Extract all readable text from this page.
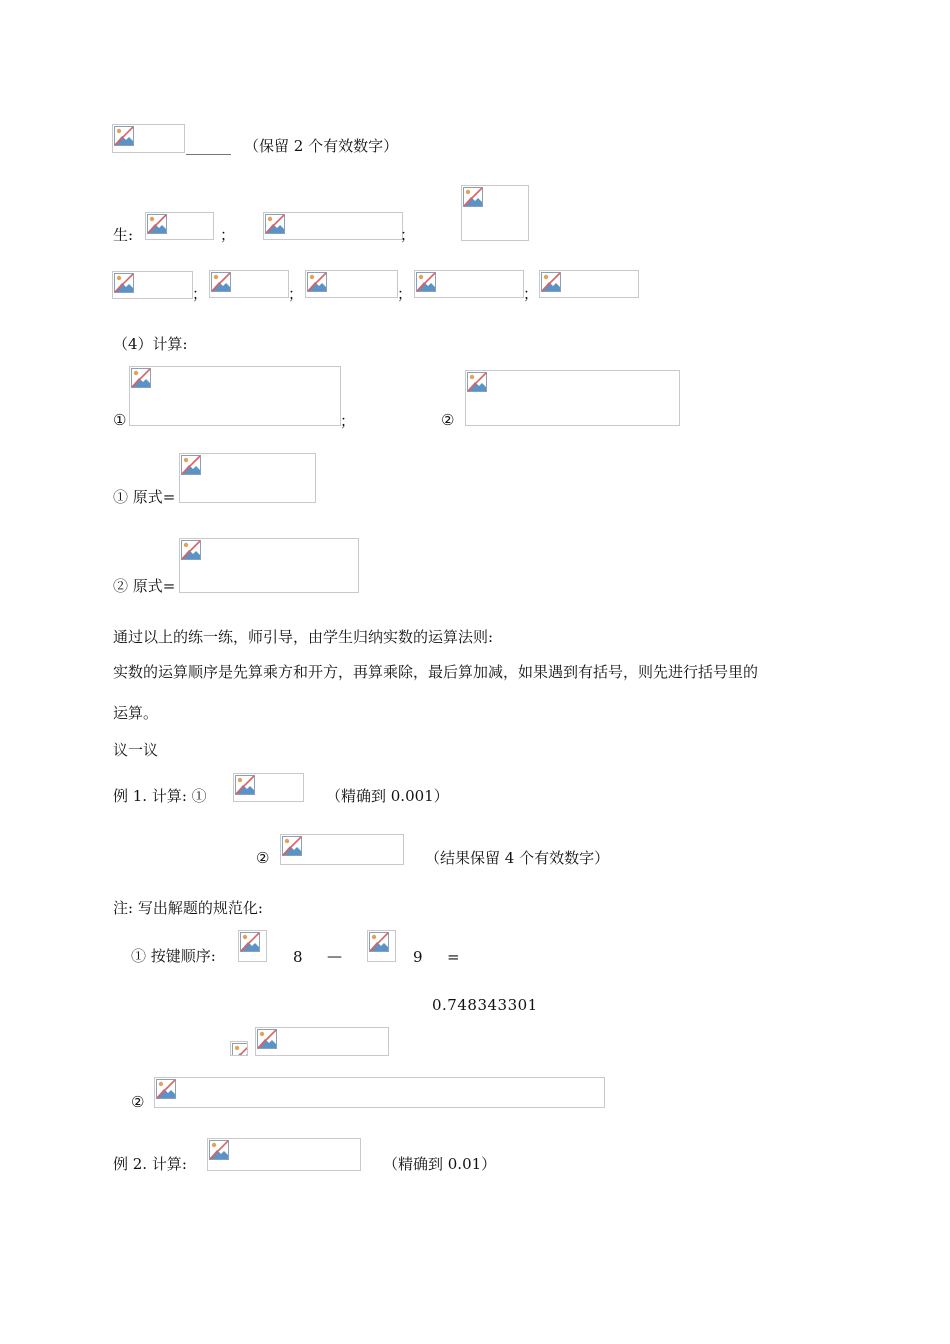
______ （保留 2 个有效数字）
生:	；	；
；	；	；	；
（4）计算:
①	；	②
① 原式=
② 原式=
通过以上的练一练，师引导，由学生归纳实数的运算法则:
实数的运算顺序是先算乘方和开方，再算乘除，最后算加减，如果遇到有括号，则先进行括号里的
运算。
议一议
例 1. 计算: ①	（精确到 0.001）
②	（结果保留 4 个有效数字）
注: 写出解题的规范化:
① 按键顺序:	8 —	9 =
0.748343301
②
例 2. 计算:	（精确到 0.01）
